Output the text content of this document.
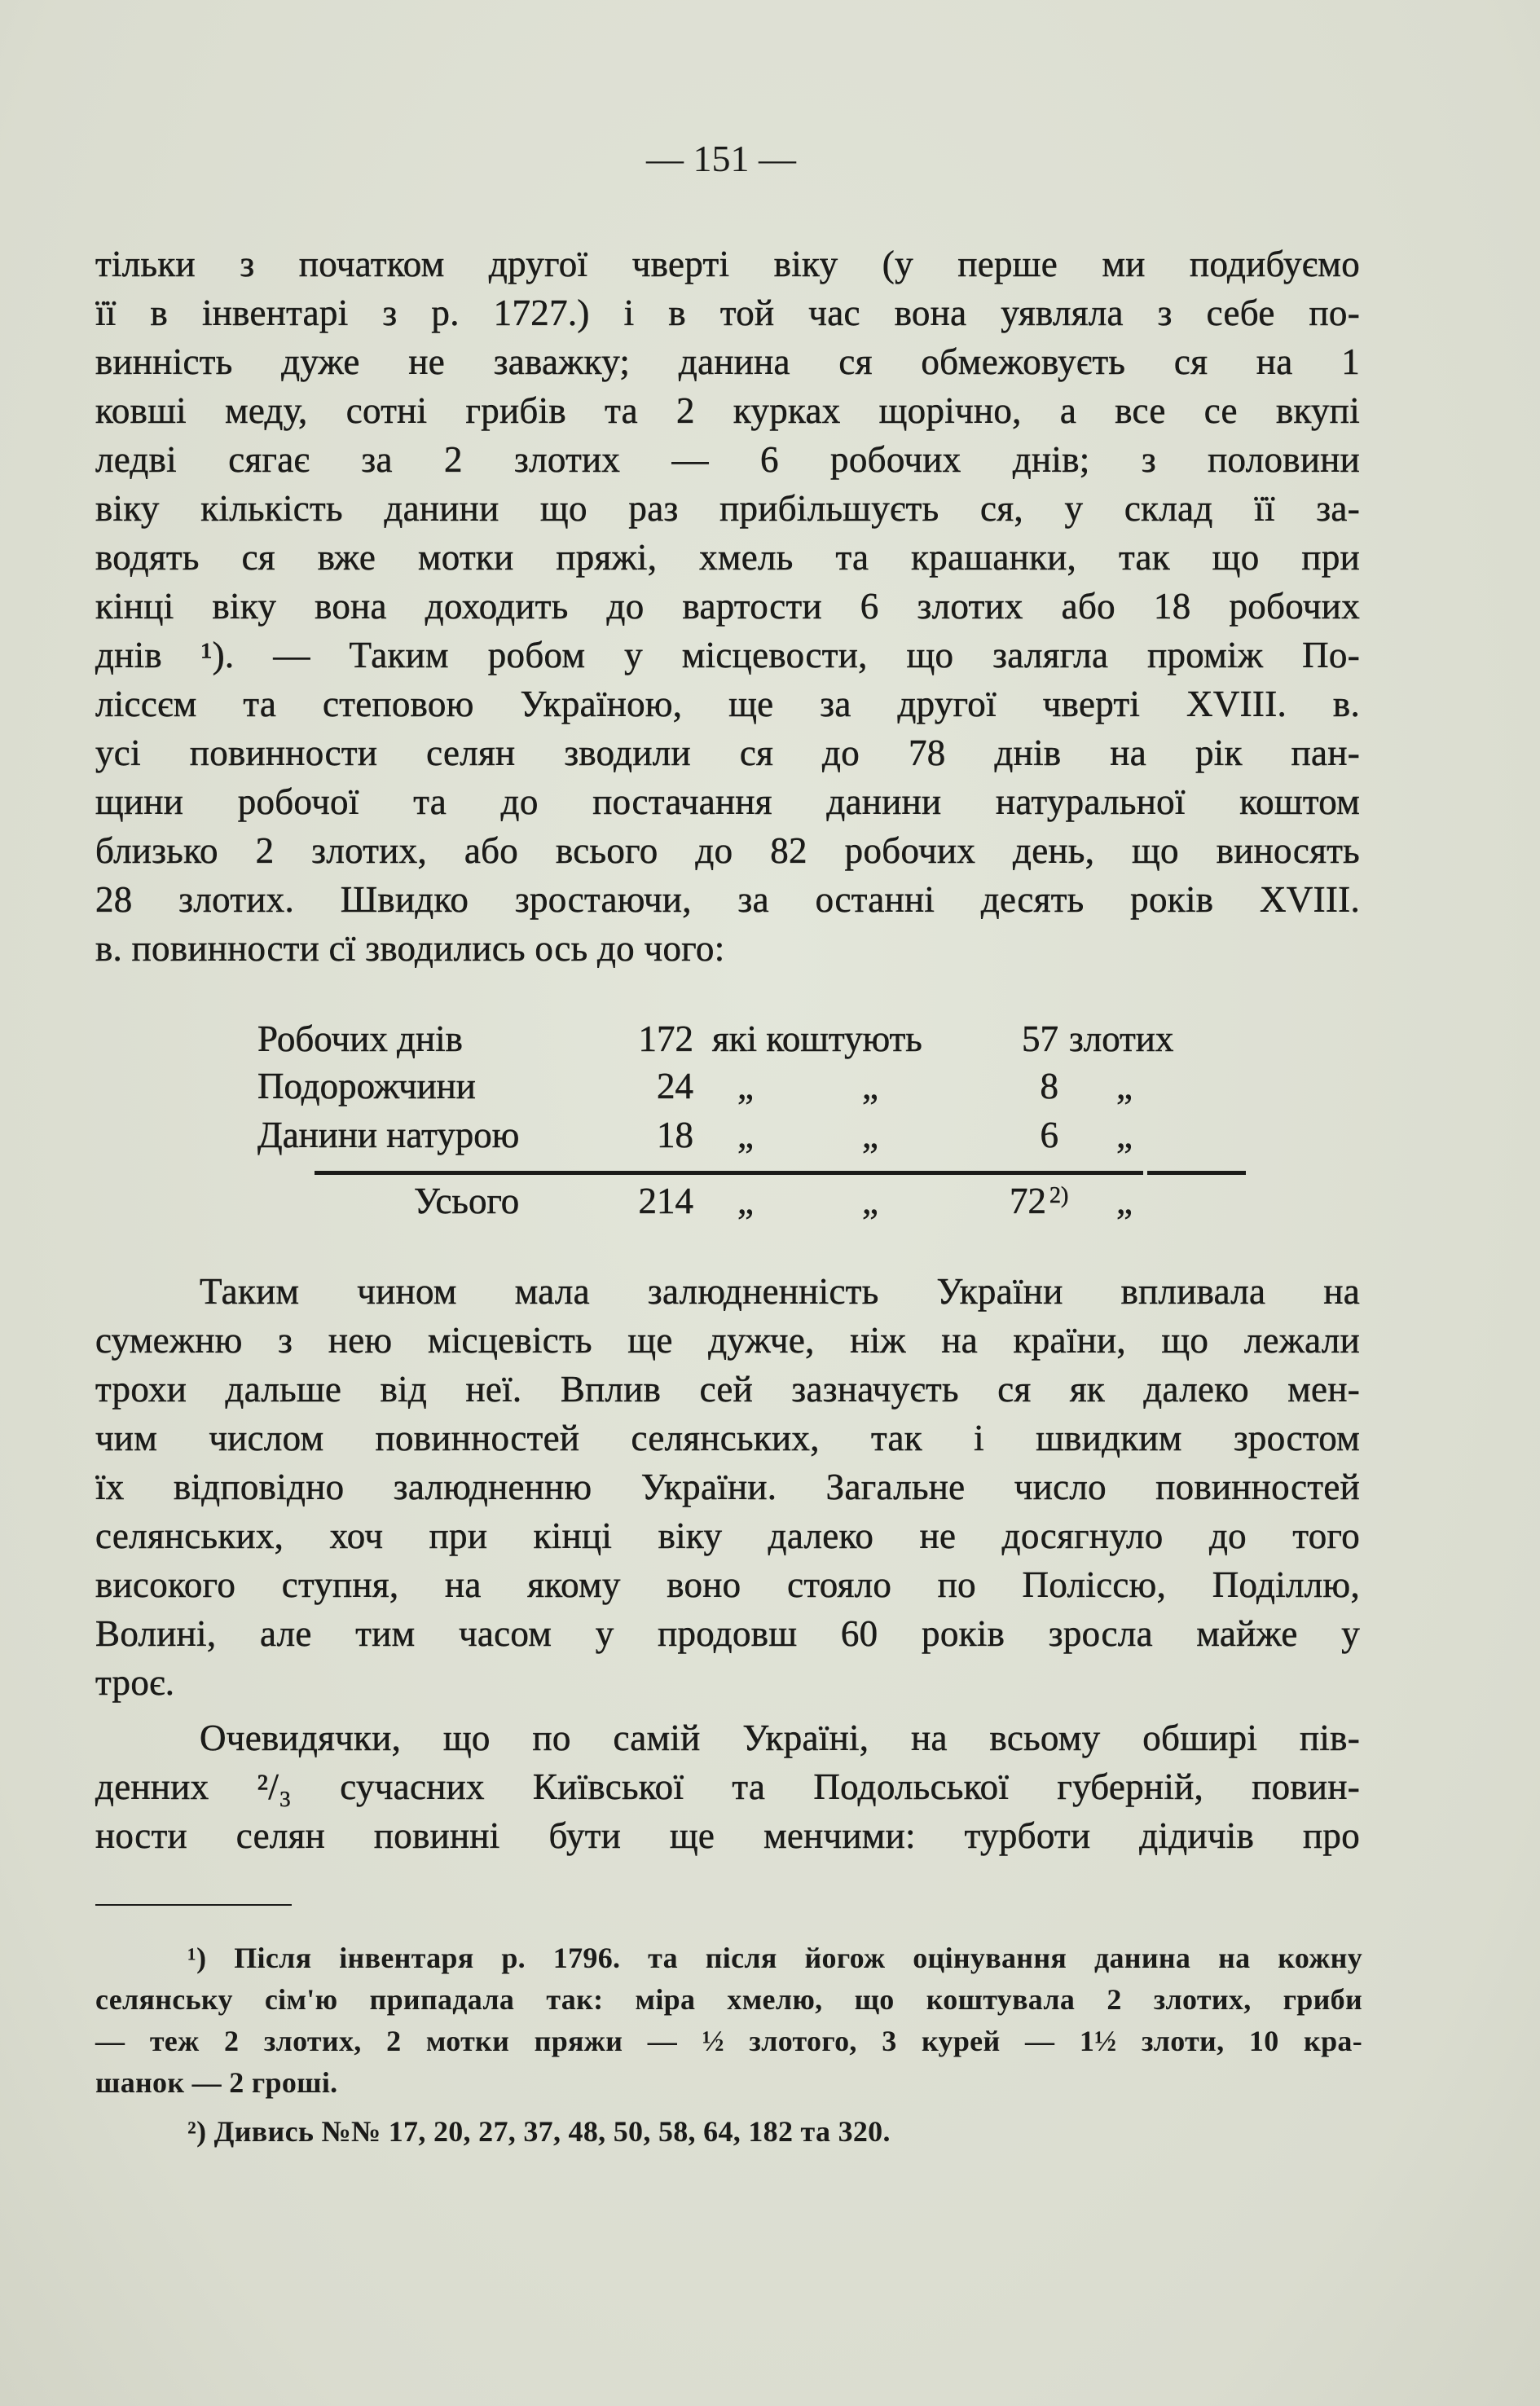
— 151 —
тільки з початком другої чверті віку (у перше ми подибуємо
її в інвентарі з р. 1727.) і в той час вона уявляла з себе по-
винність дуже не заважку; данина ся обмежовуєть ся на 1
ковші меду, сотні грибів та 2 курках щорічно, а все се вкупі
ледві сягає за 2 злотих — 6 робочих днів; з половини
віку кількість данини що раз прибільшуєть ся, у склад її за-
водять ся вже мотки пряжі, хмель та крашанки, так що при
кінці віку вона доходить до вартости 6 злотих або 18 робочих
днів ¹). — Таким робом у місцевости, що залягла проміж По-
ліссєм та степовою Україною, ще за другої чверті XVIII. в.
усі повинности селян зводили ся до 78 днів на рік пан-
щини робочої та до постачання данини натуральної коштом
близько 2 злотих, або всього до 82 робочих день, що виносять
28 злотих. Швидко зростаючи, за останні десять років XVIII.
в. повинности сї зводились ось до чого:
Робочих днів	172 які коштують	57 злотих
Подорожчини	24 „	„	8 „
Данини натурою	18 „	„	6 „
Усього	214 „	„	72 2) „
Таким чином мала залюдненність України впливала на
сумежню з нею місцевість ще дужче, ніж на країни, що лежали
трохи дальше від неї. Вплив сей зазначуєть ся як далеко мен-
чим числом повинностей селянських, так і швидким зростом
їх відповідно залюдненню України. Загальне число повинностей
селянських, хоч при кінці віку далеко не досягнуло до того
високого ступня, на якому воно стояло по Поліссю, Поділлю,
Волині, але тим часом у продовш 60 років зросла майже у
троє.
Очевидячки, що по самій Україні, на всьому обширі пів-
денних ²/₃ сучасних Київської та Подольської губерній, повин-
ности селян повинні бути ще менчими: турботи дідичів про
¹) Після інвентаря р. 1796. та після йогож оцінування данина на кожну
селянську сім'ю припадала так: міра хмелю, що коштувала 2 злотих, гриби
— теж 2 злотих, 2 мотки пряжи — ½ злотого, 3 курей — 1½ злоти, 10 кра-
шанок — 2 гроші.
²) Дивись №№ 17, 20, 27, 37, 48, 50, 58, 64, 182 та 320.
